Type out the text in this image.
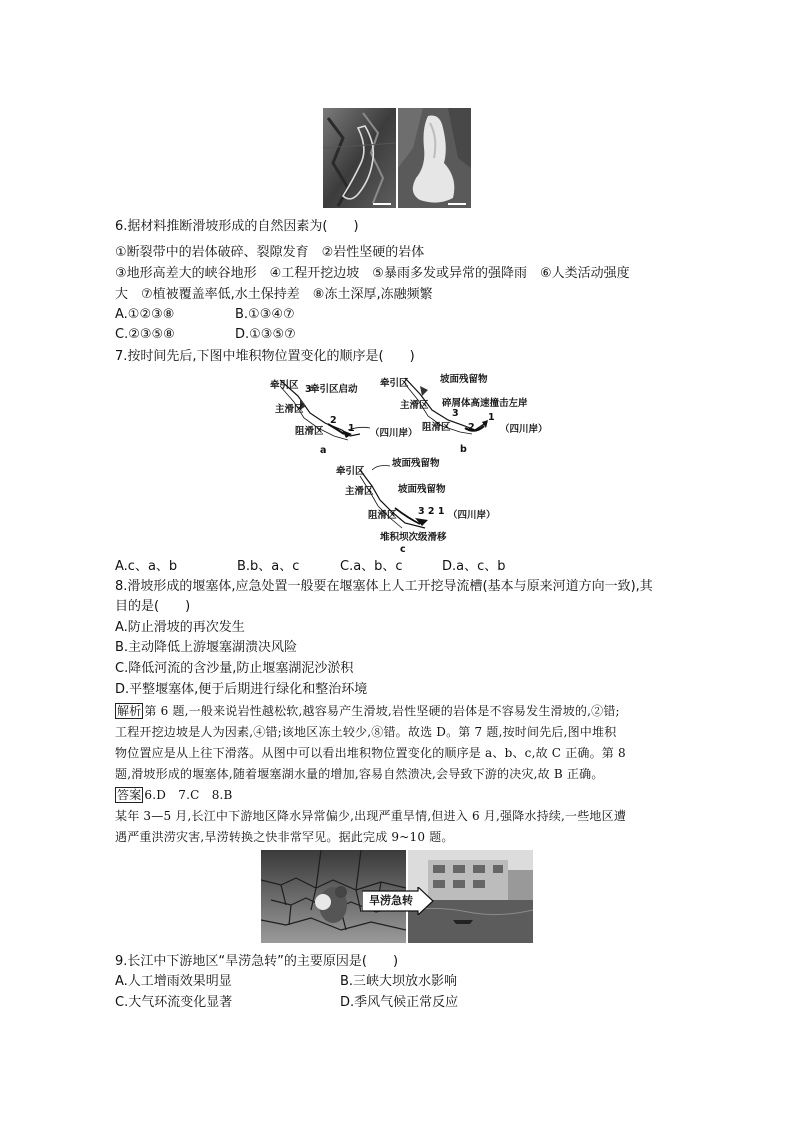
6.据材料推断滑坡形成的自然因素为(　　)
①断裂带中的岩体破碎、裂隙发育　②岩性坚硬的岩体
③地形高差大的峡谷地形　④工程开挖边坡　⑤暴雨多发或异常的强降雨　⑥人类活动强度
大　⑦植被覆盖率低,水土保持差　⑧冻土深厚,冻融频繁
A.①②③⑧	B.①③④⑦
C.②③⑤⑧	D.①③⑤⑦
7.按时间先后,下图中堆积物位置变化的顺序是(　　)
牵引区 牵引区启动
主滑区
阻滑区	（四川岸）
3
2
1
a
牵引区	坡面残留物
主滑区 碎屑体高速撞击左岸
阻滑区	（四川岸）
3
2
1
b
牵引区
坡面残留物
主滑区	坡面残留物
阻滑区 3 2 1 （四川岸）
堆积坝次级滑移
c
A.c、a、b	B.b、a、c	C.a、b、c	D.a、c、b
8.滑坡形成的堰塞体,应急处置一般要在堰塞体上人工开挖导流槽(基本与原来河道方向一致),其
目的是(　　)
A.防止滑坡的再次发生
B.主动降低上游堰塞湖溃决风险
C.降低河流的含沙量,防止堰塞湖泥沙淤积
D.平整堰塞体,便于后期进行绿化和整治环境
解析 第 6 题,一般来说岩性越松软,越容易产生滑坡,岩性坚硬的岩体是不容易发生滑坡的,②错;
工程开挖边坡是人为因素,④错;该地区冻土较少,⑧错。故选 D。第 7 题,按时间先后,图中堆积
物位置应是从上往下滑落。从图中可以看出堆积物位置变化的顺序是 a、b、c,故 C 正确。第 8
题,滑坡形成的堰塞体,随着堰塞湖水量的增加,容易自然溃决,会导致下游的决灾,故 B 正确。
答案 6.D　7.C　8.B
某年 3—5 月,长江中下游地区降水异常偏少,出现严重旱情,但进入 6 月,强降水持续,一些地区遭
遇严重洪涝灾害,旱涝转换之快非常罕见。据此完成 9~10 题。
旱涝急转
9.长江中下游地区“旱涝急转”的主要原因是(　　)
A.人工增雨效果明显	B.三峡大坝放水影响
C.大气环流变化显著	D.季风气候正常反应
